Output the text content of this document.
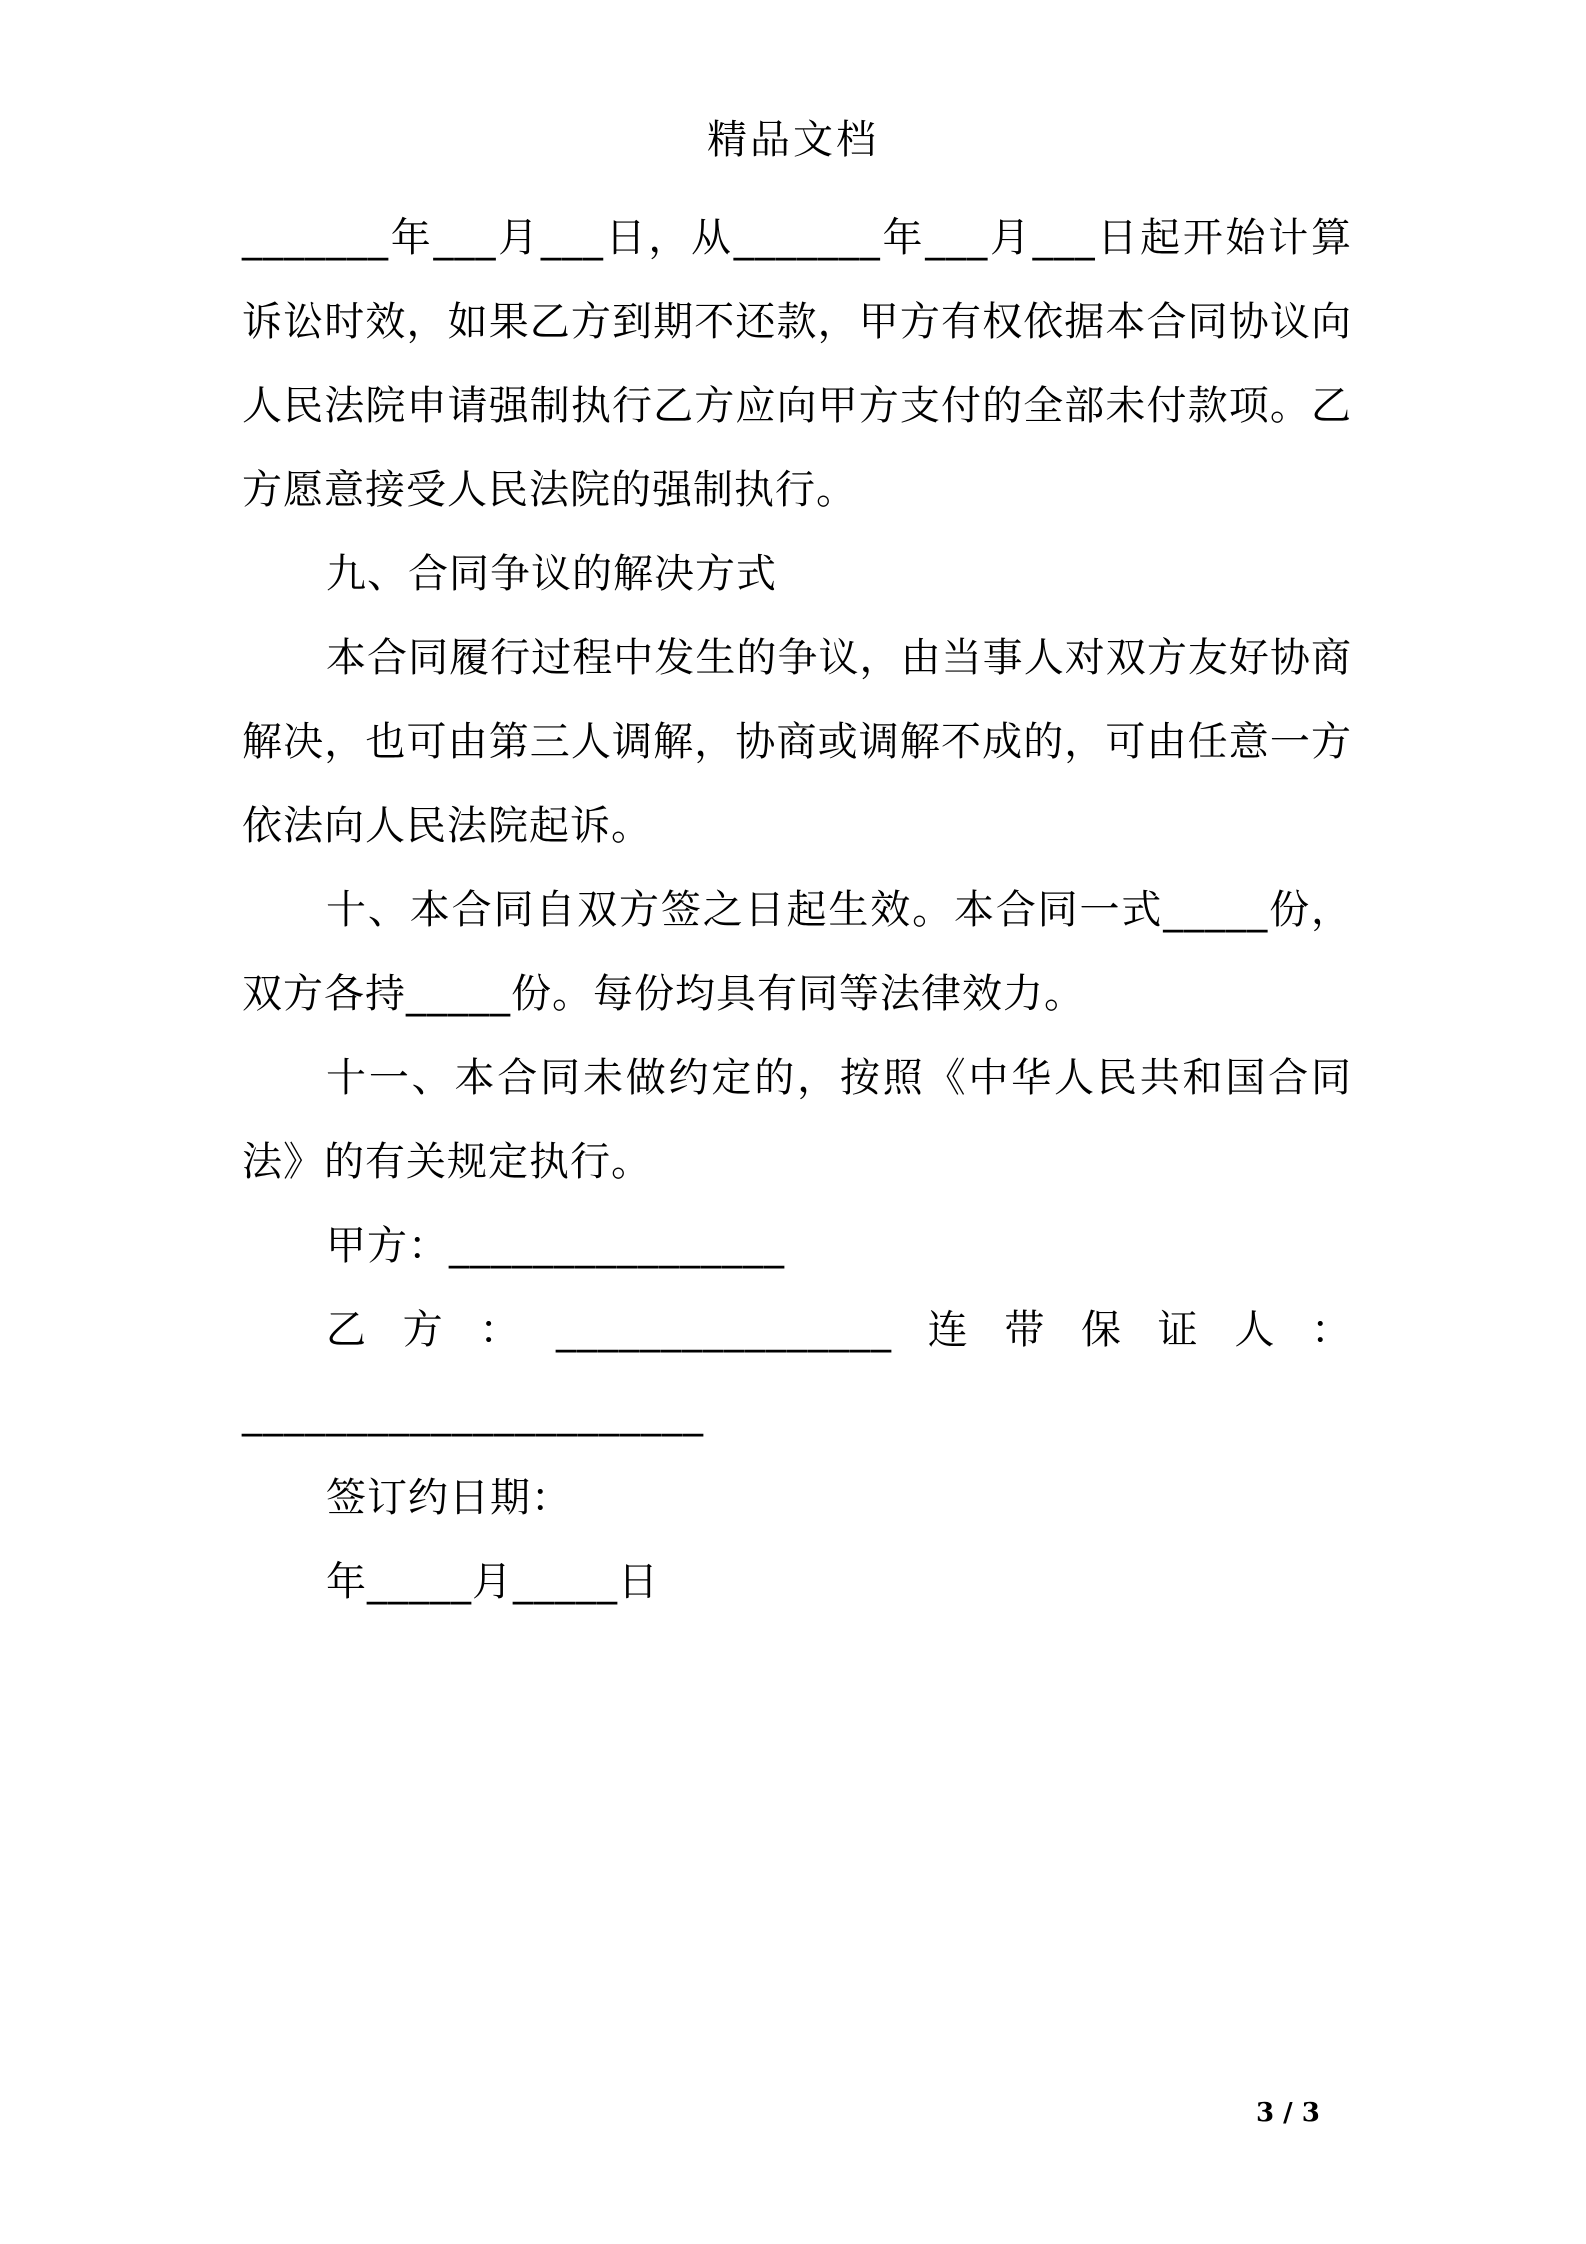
精品文档

_______年___月___日，从_______年___月___日起开始计算诉讼时效，如果乙方到期不还款，甲方有权依据本合同协议向人民法院申请强制执行乙方应向甲方支付的全部未付款项。乙方愿意接受人民法院的强制执行。

九、合同争议的解决方式

本合同履行过程中发生的争议，由当事人对双方友好协商解决，也可由第三人调解，协商或调解不成的，可由任意一方依法向人民法院起诉。

十、本合同自双方签之日起生效。本合同一式_____份，双方各持_____份。每份均具有同等法律效力。

十一、本合同未做约定的，按照《中华人民共和国合同法》的有关规定执行。

甲方：________________

乙方：________________连带保证人：

______________________

签订约日期：

年_____月_____日

3 / 3
